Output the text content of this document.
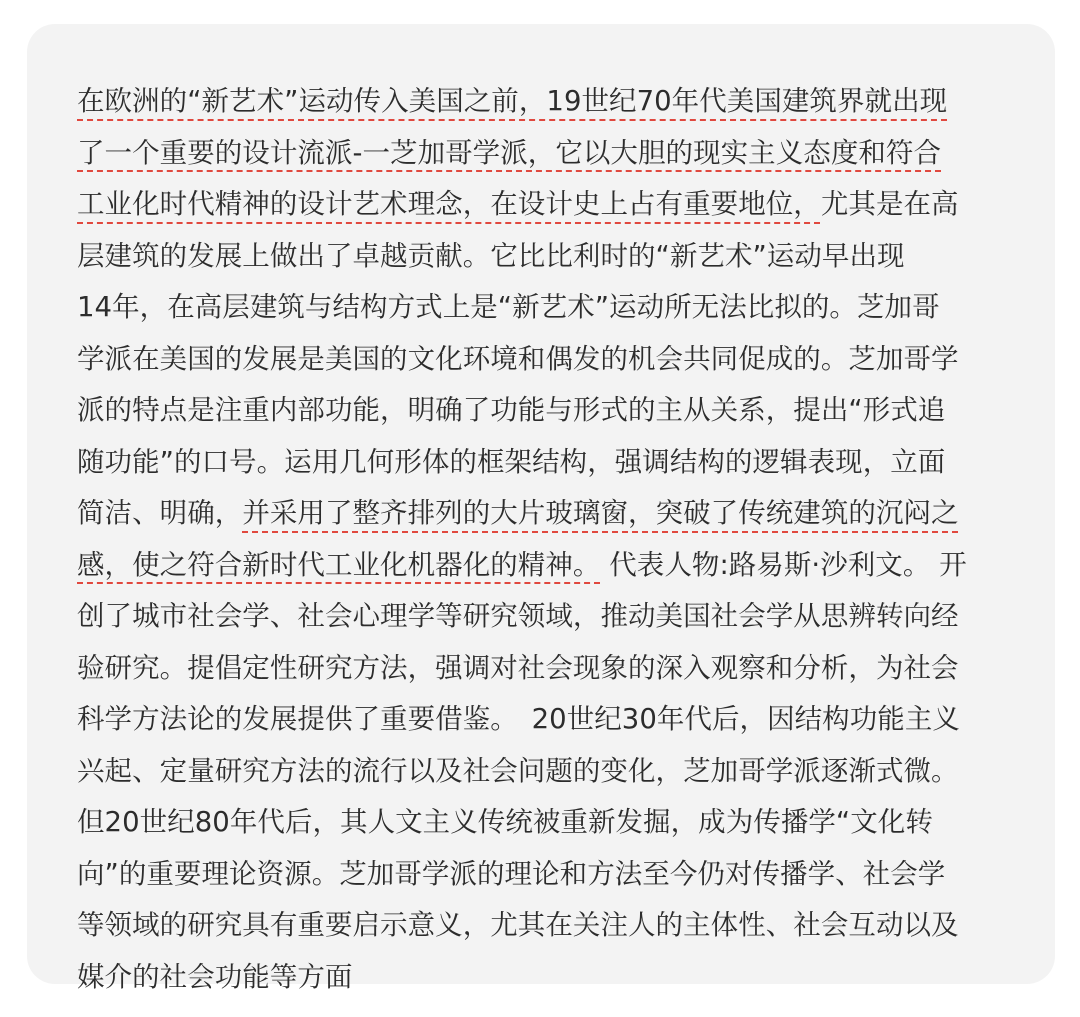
在欧洲的“新艺术”运动传入美国之前，19世纪70年代美国建筑界就出现
了一个重要的设计流派-一芝加哥学派，它以大胆的现实主义态度和符合
工业化时代精神的设计艺术理念，在设计史上占有重要地位，尤其是在高
层建筑的发展上做出了卓越贡献。它比比利时的“新艺术”运动早出现
14年，在高层建筑与结构方式上是“新艺术”运动所无法比拟的。芝加哥
学派在美国的发展是美国的文化环境和偶发的机会共同促成的。芝加哥学
派的特点是注重内部功能，明确了功能与形式的主从关系，提出“形式追
随功能”的口号。运用几何形体的框架结构，强调结构的逻辑表现，立面
简洁、明确，并采用了整齐排列的大片玻璃窗，突破了传统建筑的沉闷之
感，使之符合新时代工业化机器化的精神。 代表人物:路易斯·沙利文。 开
创了城市社会学、社会心理学等研究领域，推动美国社会学从思辨转向经
验研究。提倡定性研究方法，强调对社会现象的深入观察和分析，为社会
科学方法论的发展提供了重要借鉴。　20世纪30年代后，因结构功能主义
兴起、定量研究方法的流行以及社会问题的变化，芝加哥学派逐渐式微。
但20世纪80年代后，其人文主义传统被重新发掘，成为传播学“文化转
向”的重要理论资源。芝加哥学派的理论和方法至今仍对传播学、社会学
等领域的研究具有重要启示意义，尤其在关注人的主体性、社会互动以及
媒介的社会功能等方面
